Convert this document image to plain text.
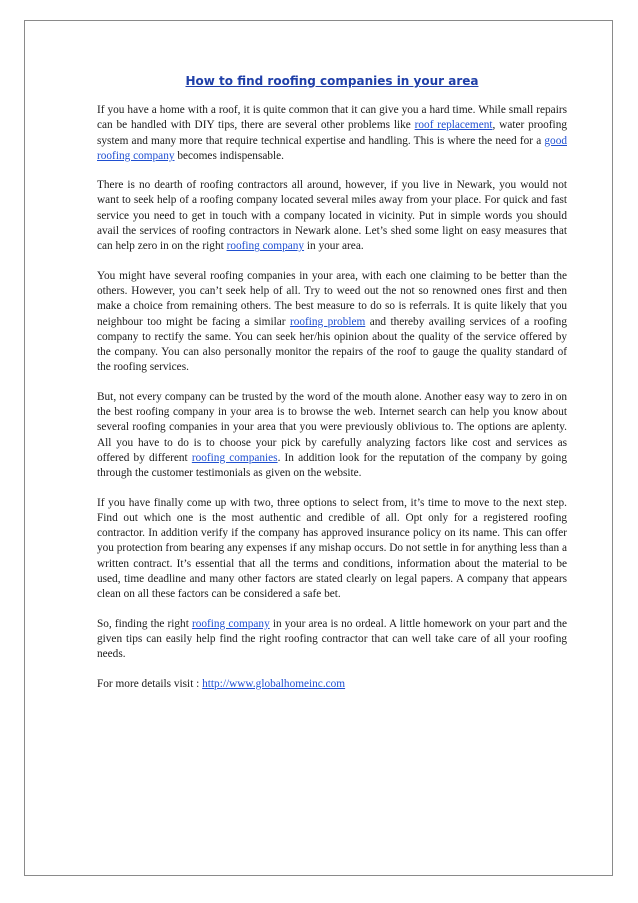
How to find roofing companies in your area

If you have a home with a roof, it is quite common that it can give you a hard time. While small repairs can be handled with DIY tips, there are several other problems like roof replacement, water proofing system and many more that require technical expertise and handling. This is where the need for a good roofing company becomes indispensable.

There is no dearth of roofing contractors all around, however, if you live in Newark, you would not want to seek help of a roofing company located several miles away from your place. For quick and fast service you need to get in touch with a company located in vicinity. Put in simple words you should avail the services of roofing contractors in Newark alone. Let’s shed some light on easy measures that can help zero in on the right roofing company in your area.

You might have several roofing companies in your area, with each one claiming to be better than the others. However, you can’t seek help of all. Try to weed out the not so renowned ones first and then make a choice from remaining others. The best measure to do so is referrals. It is quite likely that you neighbour too might be facing a similar roofing problem and thereby availing services of a roofing company to rectify the same. You can seek her/his opinion about the quality of the service offered by the company. You can also personally monitor the repairs of the roof to gauge the quality standard of the roofing services.

But, not every company can be trusted by the word of the mouth alone. Another easy way to zero in on the best roofing company in your area is to browse the web. Internet search can help you know about several roofing companies in your area that you were previously oblivious to. The options are aplenty. All you have to do is to choose your pick by carefully analyzing factors like cost and services as offered by different roofing companies. In addition look for the reputation of the company by going through the customer testimonials as given on the website.

If you have finally come up with two, three options to select from, it’s time to move to the next step. Find out which one is the most authentic and credible of all. Opt only for a registered roofing contractor. In addition verify if the company has approved insurance policy on its name. This can offer you protection from bearing any expenses if any mishap occurs. Do not settle in for anything less than a written contract. It’s essential that all the terms and conditions, information about the material to be used, time deadline and many other factors are stated clearly on legal papers. A company that appears clean on all these factors can be considered a safe bet.

So, finding the right roofing company in your area is no ordeal. A little homework on your part and the given tips can easily help find the right roofing contractor that can well take care of all your roofing needs.

For more details visit : http://www.globalhomeinc.com
